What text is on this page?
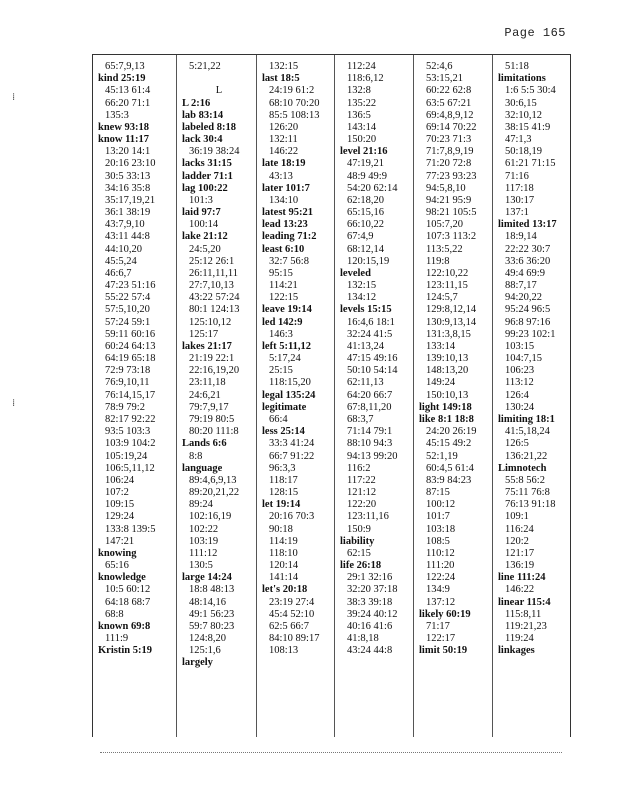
Page 165
⁞
⁞
65:7,9,13
kind 25:19
45:13 61:4
66:20 71:1
135:3
knew 93:18
know 11:17
13:20 14:1
20:16 23:10
30:5 33:13
34:16 35:8
35:17,19,21
36:1 38:19
43:7,9,10
43:11 44:8
44:10,20
45:5,24
46:6,7
47:23 51:16
55:22 57:4
57:5,10,20
57:24 59:1
59:11 60:16
60:24 64:13
64:19 65:18
72:9 73:18
76:9,10,11
76:14,15,17
78:9 79:2
82:17 92:22
93:5 103:3
103:9 104:2
105:19,24
106:5,11,12
106:24
107:2
109:15
129:24
133:8 139:5
147:21
knowing
65:16
knowledge
10:5 60:12
64:18 68:7
68:8
known 69:8
111:9
Kristin 5:19
5:21,22

L
L 2:16
lab 83:14
labeled 8:18
lack 30:4
36:19 38:24
lacks 31:15
ladder 71:1
lag 100:22
101:3
laid 97:7
100:14
lake 21:12
24:5,20
25:12 26:1
26:11,11,11
27:7,10,13
43:22 57:24
80:1 124:13
125:10,12
125:17
lakes 21:17
21:19 22:1
22:16,19,20
23:11,18
24:6,21
79:7,9,17
79:19 80:5
80:20 111:8
Lands 6:6
8:8
language
89:4,6,9,13
89:20,21,22
89:24
102:16,19
102:22
103:19
111:12
130:5
large 14:24
18:8 48:13
48:14,16
49:1 56:23
59:7 80:23
124:8,20
125:1,6
largely
132:15
last 18:5
24:19 61:2
68:10 70:20
85:5 108:13
126:20
132:11
146:22
late 18:19
43:13
later 101:7
134:10
latest 95:21
lead 13:23
leading 71:2
least 6:10
32:7 56:8
95:15
114:21
122:15
leave 19:14
led 142:9
146:3
left 5:11,12
5:17,24
25:15
118:15,20
legal 135:24
legitimate
66:4
less 25:14
33:3 41:24
66:7 91:22
96:3,3
118:17
128:15
let 19:14
20:16 70:3
90:18
114:19
118:10
120:14
141:14
let's 20:18
23:19 27:4
45:4 52:10
62:5 66:7
84:10 89:17
108:13
112:24
118:6,12
132:8
135:22
136:5
143:14
150:20
level 21:16
47:19,21
48:9 49:9
54:20 62:14
62:18,20
65:15,16
66:10,22
67:4,9
68:12,14
120:15,19
leveled
132:15
134:12
levels 15:15
16:4,6 18:1
32:24 41:5
41:13,24
47:15 49:16
50:10 54:14
62:11,13
64:20 66:7
67:8,11,20
68:3,7
71:14 79:1
88:10 94:3
94:13 99:20
116:2
117:22
121:12
122:20
123:11,16
150:9
liability
62:15
life 26:18
29:1 32:16
32:20 37:18
38:3 39:18
39:24 40:12
40:16 41:6
41:8,18
43:24 44:8
52:4,6
53:15,21
60:22 62:8
63:5 67:21
69:4,8,9,12
69:14 70:22
70:23 71:3
71:7,8,9,19
71:20 72:8
77:23 93:23
94:5,8,10
94:21 95:9
98:21 105:5
105:7,20
107:3 113:2
113:5,22
119:8
122:10,22
123:11,15
124:5,7
129:8,12,14
130:9,13,14
131:3,8,15
133:14
139:10,13
148:13,20
149:24
150:10,13
light 149:18
like 8:1 18:8
24:20 26:19
45:15 49:2
52:1,19
60:4,5 61:4
83:9 84:23
87:15
100:12
101:7
103:18
108:5
110:12
111:20
122:24
134:9
137:12
likely 60:19
71:17
122:17
limit 50:19
51:18
limitations
1:6 5:5 30:4
30:6,15
32:10,12
38:15 41:9
47:1,3
50:18,19
61:21 71:15
71:16
117:18
130:17
137:1
limited 13:17
18:9,14
22:22 30:7
33:6 36:20
49:4 69:9
88:7,17
94:20,22
95:24 96:5
96:8 97:16
99:23 102:1
103:15
104:7,15
106:23
113:12
126:4
130:24
limiting 18:1
41:5,18,24
126:5
136:21,22
Limnotech
55:8 56:2
75:11 76:8
76:13 91:18
109:1
116:24
120:2
121:17
136:19
line 111:24
146:22
linear 115:4
115:8,11
119:21,23
119:24
linkages
